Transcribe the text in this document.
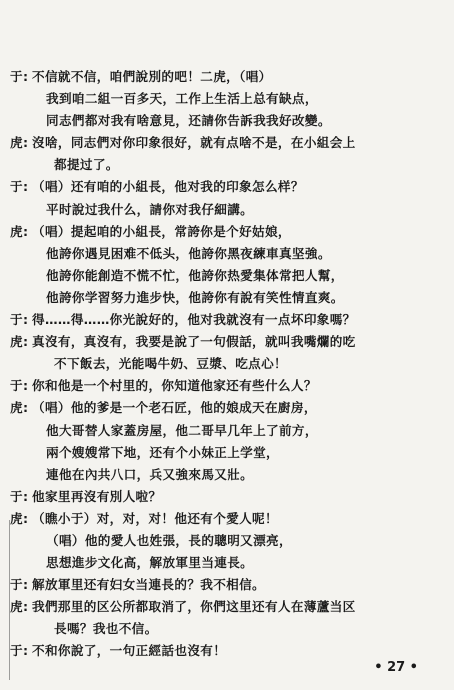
于: 不信就不信，咱們說別的吧！二虎，（唱）
我到咱二組一百多天，工作上生活上总有缺点，
同志們都对我有啥意見，还請你告訴我我好改變。
虎: 沒啥，同志們对你印象很好，就有点啥不是，在小組会上
都提过了。
于: （唱）还有咱的小組長，他对我的印象怎么样？
平时說过我什么，請你对我仔細講。
虎: （唱）提起咱的小組長，常誇你是个好姑娘，
他誇你遇見困难不低头，他誇你黑夜練車真坚強。
他誇你能創造不慌不忙，他誇你热愛集体常把人幫，
他誇你学習努力進步快，他誇你有說有笑性情直爽。
于: 得……得……你光說好的，他对我就沒有一点坏印象嗎？
虎: 真沒有，真沒有，我要是說了一句假話，就叫我嘴爛的吃
不下飯去，光能喝牛奶、豆漿、吃点心！
于: 你和他是一个村里的，你知道他家还有些什么人？
虎: （唱）他的爹是一个老石匠，他的娘成天在廚房，
他大哥替人家蓋房屋，他二哥早几年上了前方，
兩个嫂嫂常下地，还有个小妹正上学堂，
連他在內共八口，兵又強來馬又壯。
于: 他家里再沒有別人啦？
虎: （瞧小于）对，对，对！他还有个愛人呢！
（唱）他的愛人也姓張，長的聰明又漂亮，
思想進步文化高，解放軍里当連長。
于: 解放軍里还有妇女当連長的？我不相信。
虎: 我們那里的区公所都取消了，你們这里还有人在薄蘆当区
長嗎？我也不信。
于: 不和你說了，一句正經話也沒有！
• 27 •
